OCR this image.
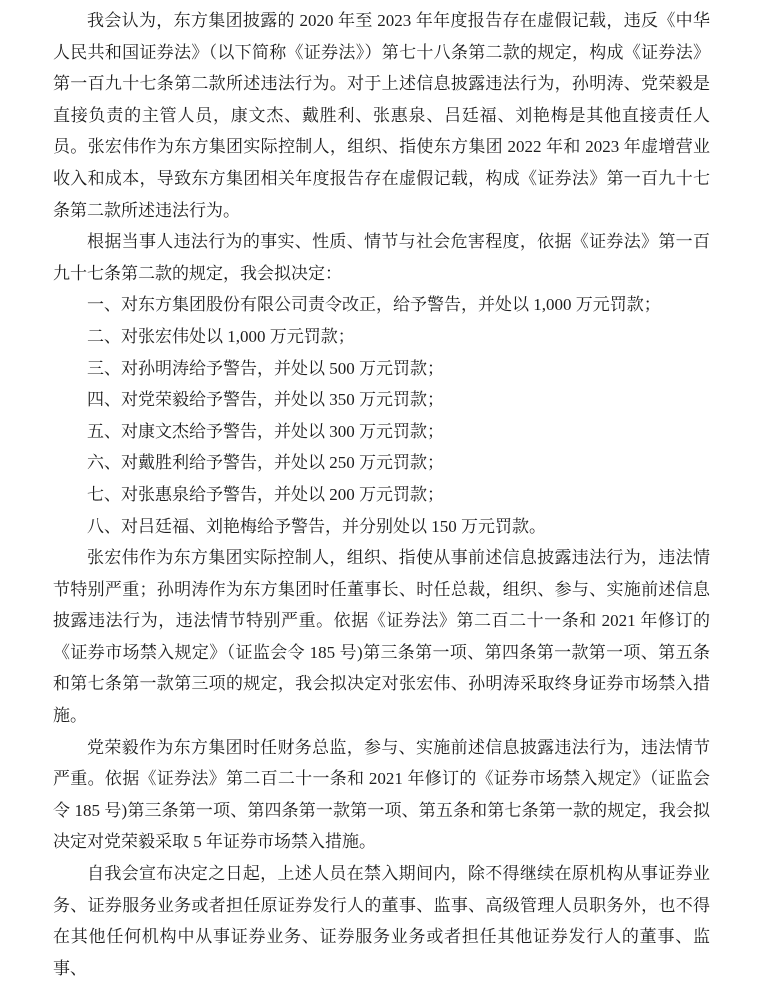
我会认为，东方集团披露的 2020 年至 2023 年年度报告存在虚假记载，违反《中华人民共和国证券法》（以下简称《证券法》）第七十八条第二款的规定，构成《证券法》第一百九十七条第二款所述违法行为。对于上述信息披露违法行为，孙明涛、党荣毅是直接负责的主管人员，康文杰、戴胜利、张惠泉、吕廷福、刘艳梅是其他直接责任人员。张宏伟作为东方集团实际控制人，组织、指使东方集团 2022 年和 2023 年虚增营业收入和成本，导致东方集团相关年度报告存在虚假记载，构成《证券法》第一百九十七条第二款所述违法行为。

根据当事人违法行为的事实、性质、情节与社会危害程度，依据《证券法》第一百九十七条第二款的规定，我会拟决定：

一、对东方集团股份有限公司责令改正，给予警告，并处以 1,000 万元罚款；

二、对张宏伟处以 1,000 万元罚款；

三、对孙明涛给予警告，并处以 500 万元罚款；

四、对党荣毅给予警告，并处以 350 万元罚款；

五、对康文杰给予警告，并处以 300 万元罚款；

六、对戴胜利给予警告，并处以 250 万元罚款；

七、对张惠泉给予警告，并处以 200 万元罚款；

八、对吕廷福、刘艳梅给予警告，并分别处以 150 万元罚款。

张宏伟作为东方集团实际控制人，组织、指使从事前述信息披露违法行为，违法情节特别严重；孙明涛作为东方集团时任董事长、时任总裁，组织、参与、实施前述信息披露违法行为，违法情节特别严重。依据《证券法》第二百二十一条和 2021 年修订的《证券市场禁入规定》（证监会令 185 号)第三条第一项、第四条第一款第一项、第五条和第七条第一款第三项的规定，我会拟决定对张宏伟、孙明涛采取终身证券市场禁入措施。

党荣毅作为东方集团时任财务总监，参与、实施前述信息披露违法行为，违法情节严重。依据《证券法》第二百二十一条和 2021 年修订的《证券市场禁入规定》（证监会令 185 号)第三条第一项、第四条第一款第一项、第五条和第七条第一款的规定，我会拟决定对党荣毅采取 5 年证券市场禁入措施。

自我会宣布决定之日起，上述人员在禁入期间内，除不得继续在原机构从事证券业务、证券服务业务或者担任原证券发行人的董事、监事、高级管理人员职务外，也不得在其他任何机构中从事证券业务、证券服务业务或者担任其他证券发行人的董事、监事、
